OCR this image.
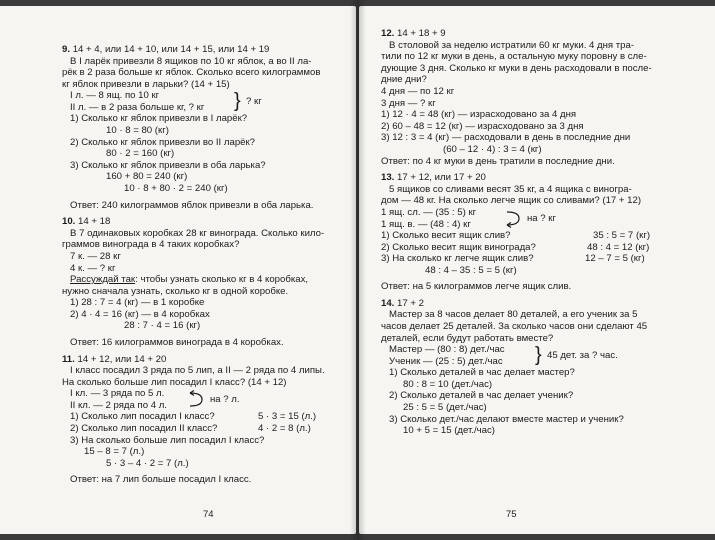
9. 14 + 4, или 14 + 10, или 14 + 15, или 14 + 19
В I ларёк привезли 8 ящиков по 10 кг яблок, а во II ла-
рёк в 2 раза больше кг яблок. Сколько всего килограммов
кг яблок привезли в ларьки? (14 + 15)
I л. — 8 ящ. по 10 кг
II л. — в 2 раза больше кг, ? кг } ? кг
1) Сколько кг яблок привезли в I ларёк?
10 · 8 = 80 (кг)
2) Сколько кг яблок привезли во II ларёк?
80 · 2 = 160 (кг)
3) Сколько кг яблок привезли в оба ларька?
160 + 80 = 240 (кг)
10 · 8 + 80 · 2 = 240 (кг)
Ответ: 240 килограммов яблок привезли в оба ларька.
10. 14 + 18
В 7 одинаковых коробках 28 кг винограда. Сколько кило-
граммов винограда в 4 таких коробках?
7 к. — 28 кг
4 к. — ? кг
Рассуждай так: чтобы узнать сколько кг в 4 коробках,
нужно сначала узнать, сколько кг в одной коробке.
1) 28 : 7 = 4 (кг) — в 1 коробке
2) 4 · 4 = 16 (кг) — в 4 коробках
28 : 7 · 4 = 16 (кг)
Ответ: 16 килограммов винограда в 4 коробках.
11. 14 + 12, или 14 + 20
I класс посадил 3 ряда по 5 лип, а II — 2 ряда по 4 липы.
На сколько больше лип посадил I класс? (14 + 12)
I кл. — 3 ряда по 5 л.
II кл. — 2 ряда по 4 л.
на ? л.
1) Сколько лип посадил I класс?	5 · 3 = 15 (л.)
2) Сколько лип посадил II класс?	4 · 2 = 8 (л.)
3) На сколько больше лип посадил I класс?
15 – 8 = 7 (л.)
5 · 3 – 4 · 2 = 7 (л.)
Ответ: на 7 лип больше посадил I класс.
74
12. 14 + 18 + 9
В столовой за неделю истратили 60 кг муки. 4 дня тра-
тили по 12 кг муки в день, а остальную муку поровну в сле-
дующие 3 дня. Сколько кг муки в день расходовали в после-
дние дни?
4 дня — по 12 кг
3 дня — ? кг
1) 12 · 4 = 48 (кг) — израсходовано за 4 дня
2) 60 – 48 = 12 (кг) — израсходовано за 3 дня
3) 12 : 3 = 4 (кг) — расходовали в день в последние дни
(60 – 12 · 4) : 3 = 4 (кг)
Ответ: по 4 кг муки в день тратили в последние дни.
13. 17 + 12, или 17 + 20
5 ящиков со сливами весят 35 кг, а 4 ящика с виногра-
дом — 48 кг. На сколько легче ящик со сливами? (17 + 12)
1 ящ. сл. — (35 : 5) кг
1 ящ. в. — (48 : 4) кг
на ? кг
1) Сколько весит ящик слив?	35 : 5 = 7 (кг)
2) Сколько весит ящик винограда?	48 : 4 = 12 (кг)
3) На сколько кг легче ящик слив?	12 – 7 = 5 (кг)
48 : 4 – 35 : 5 = 5 (кг)
Ответ: на 5 килограммов легче ящик слив.
14. 17 + 2
Мастер за 8 часов делает 80 деталей, а его ученик за 5
часов делает 25 деталей. За сколько часов они сделают 45
деталей, если будут работать вместе?
Мастер — (80 : 8) дет./час
Ученик — (25 : 5) дет./час } 45 дет. за ? час.
1) Сколько деталей в час делает мастер?
80 : 8 = 10 (дет./час)
2) Сколько деталей в час делает ученик?
25 : 5 = 5 (дет./час)
3) Сколько дет./час делают вместе мастер и ученик?
10 + 5 = 15 (дет./час)
75
